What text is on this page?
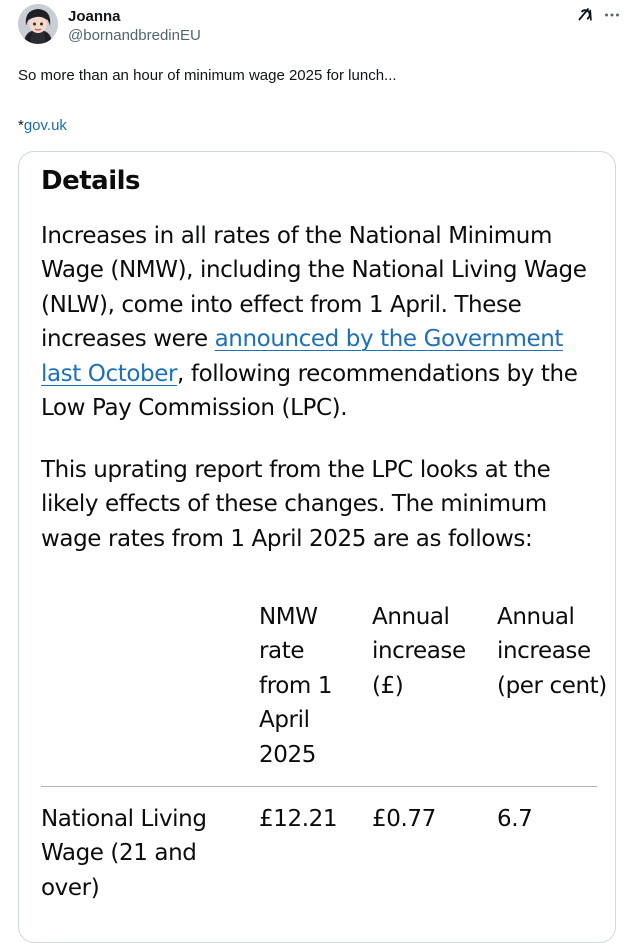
Joanna
@bornandbredinEU
So more than an hour of minimum wage 2025 for lunch...
*gov.uk
Details
Increases in all rates of the National Minimum Wage (NMW), including the National Living Wage (NLW), come into effect from 1 April. These increases were announced by the Government last October, following recommendations by the Low Pay Commission (LPC).
This uprating report from the LPC looks at the likely effects of these changes. The minimum wage rates from 1 April 2025 are as follows:
NMW rate from 1 April 2025
Annual increase (£)
Annual increase (per cent)
National Living Wage (21 and over)
£12.21	£0.77	6.7
